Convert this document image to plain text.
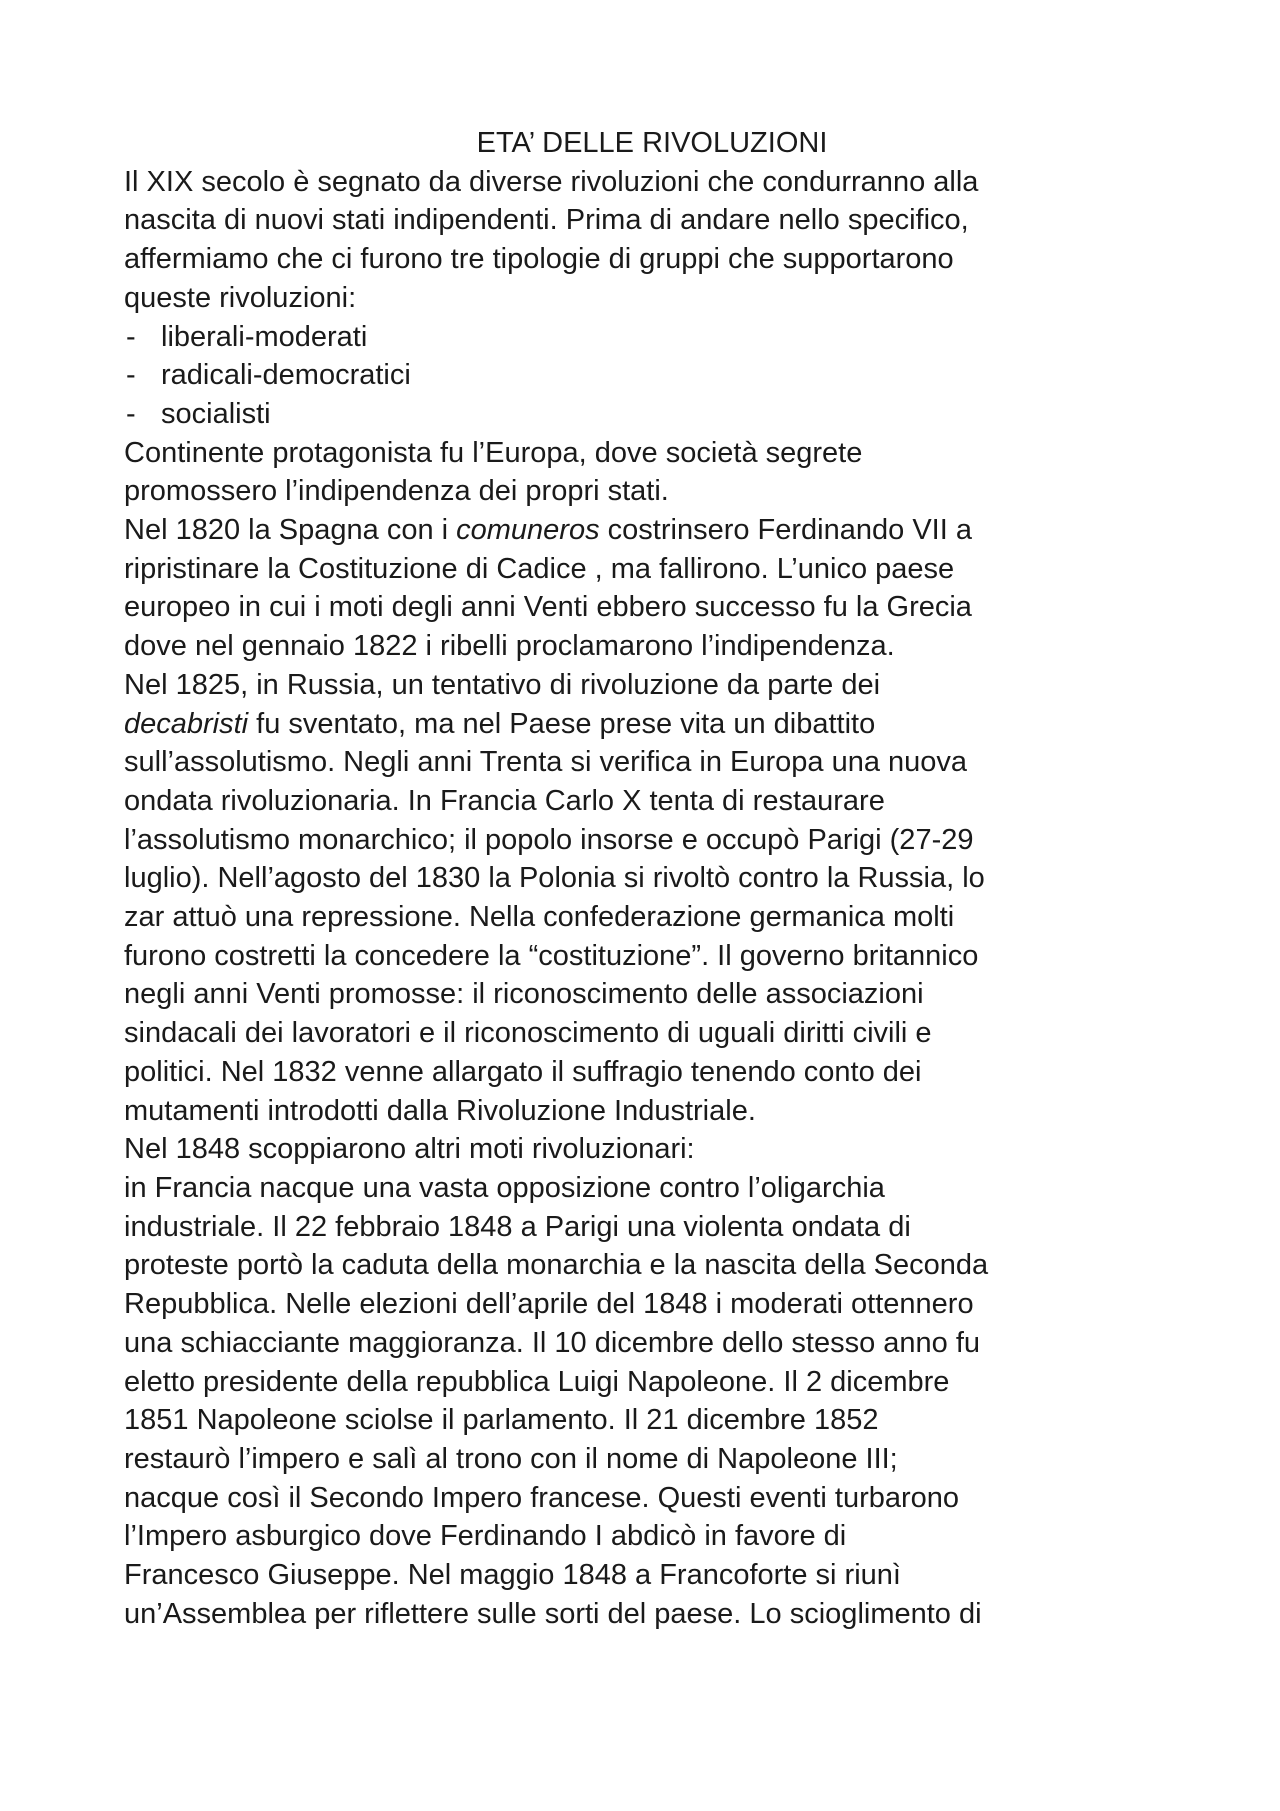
ETA’ DELLE RIVOLUZIONI
Il XIX secolo è segnato da diverse rivoluzioni che condurranno alla
nascita di nuovi stati indipendenti. Prima di andare nello specifico,
affermiamo che ci furono tre tipologie di gruppi che supportarono
queste rivoluzioni:
- liberali-moderati
- radicali-democratici
- socialisti
Continente protagonista fu l’Europa, dove società segrete
promossero l’indipendenza dei propri stati.
Nel 1820 la Spagna con i comuneros costrinsero Ferdinando VII a
ripristinare la Costituzione di Cadice , ma fallirono. L’unico paese
europeo in cui i moti degli anni Venti ebbero successo fu la Grecia
dove nel gennaio 1822 i ribelli proclamarono l’indipendenza.
Nel 1825, in Russia, un tentativo di rivoluzione da parte dei
decabristi fu sventato, ma nel Paese prese vita un dibattito
sull’assolutismo. Negli anni Trenta si verifica in Europa una nuova
ondata rivoluzionaria. In Francia Carlo X tenta di restaurare
l’assolutismo monarchico; il popolo insorse e occupò Parigi (27-29
luglio). Nell’agosto del 1830 la Polonia si rivoltò contro la Russia, lo
zar attuò una repressione. Nella confederazione germanica molti
furono costretti la concedere la “costituzione”. Il governo britannico
negli anni Venti promosse: il riconoscimento delle associazioni
sindacali dei lavoratori e il riconoscimento di uguali diritti civili e
politici. Nel 1832 venne allargato il suffragio tenendo conto dei
mutamenti introdotti dalla Rivoluzione Industriale.
Nel 1848 scoppiarono altri moti rivoluzionari:
in Francia nacque una vasta opposizione contro l’oligarchia
industriale. Il 22 febbraio 1848 a Parigi una violenta ondata di
proteste portò la caduta della monarchia e la nascita della Seconda
Repubblica. Nelle elezioni dell’aprile del 1848 i moderati ottennero
una schiacciante maggioranza. Il 10 dicembre dello stesso anno fu
eletto presidente della repubblica Luigi Napoleone. Il 2 dicembre
1851 Napoleone sciolse il parlamento. Il 21 dicembre 1852
restaurò l’impero e salì al trono con il nome di Napoleone III;
nacque così il Secondo Impero francese. Questi eventi turbarono
l’Impero asburgico dove Ferdinando I abdicò in favore di
Francesco Giuseppe. Nel maggio 1848 a Francoforte si riunì
un’Assemblea per riflettere sulle sorti del paese. Lo scioglimento di
